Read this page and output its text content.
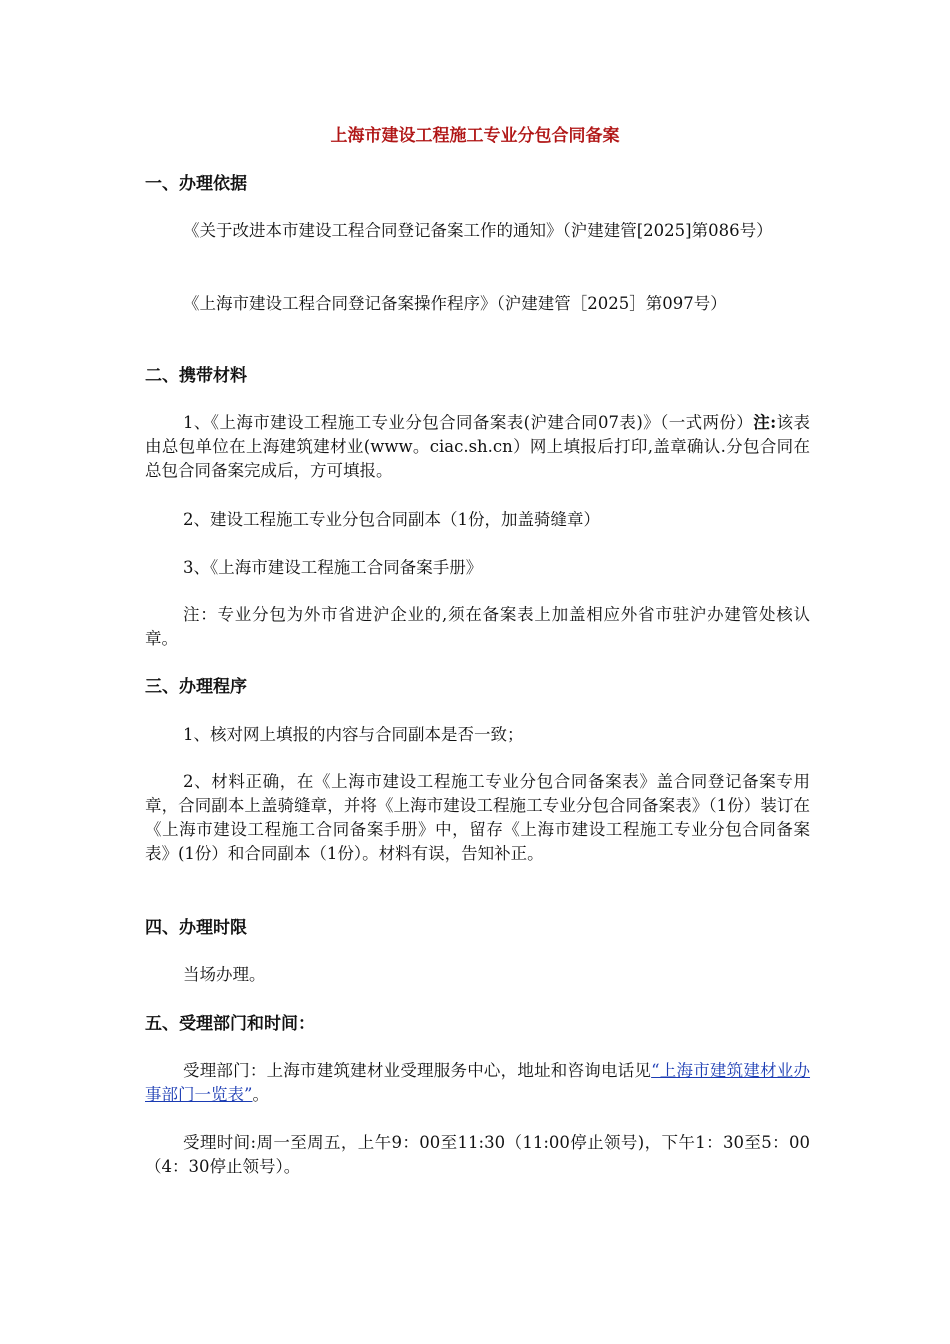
上海市建设工程施工专业分包合同备案
一、办理依据
《关于改进本市建设工程合同登记备案工作的通知》（沪建建管[2025]第086号）
《上海市建设工程合同登记备案操作程序》（沪建建管［2025］第097号）
二、携带材料
1、《上海市建设工程施工专业分包合同备案表(沪建合同07表)》（一式两份）注:该表由总包单位在上海建筑建材业(www。ciac.sh.cn）网上填报后打印,盖章确认.分包合同在总包合同备案完成后，方可填报。
2、建设工程施工专业分包合同副本（1份，加盖骑缝章）
3、《上海市建设工程施工合同备案手册》
注：专业分包为外市省进沪企业的,须在备案表上加盖相应外省市驻沪办建管处核认章。
三、办理程序
1、核对网上填报的内容与合同副本是否一致；
2、材料正确，在《上海市建设工程施工专业分包合同备案表》盖合同登记备案专用章，合同副本上盖骑缝章，并将《上海市建设工程施工专业分包合同备案表》（1份）装订在《上海市建设工程施工合同备案手册》中，留存《上海市建设工程施工专业分包合同备案表》(1份）和合同副本（1份）。材料有误，告知补正。
四、办理时限
当场办理。
五、受理部门和时间：
受理部门：上海市建筑建材业受理服务中心，地址和咨询电话见“上海市建筑建材业办事部门一览表”。
受理时间:周一至周五，上午9：00至11:30（11:00停止领号)，下午1：30至5：00（4：30停止领号）。
